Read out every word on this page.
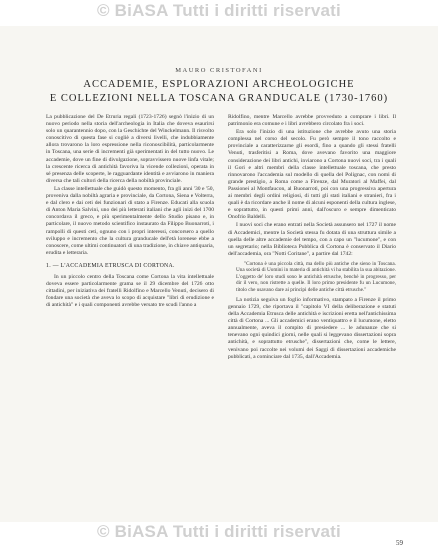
© BiASA Tutti i diritti riservati
MAURO CRISTOFANI
ACCADEMIE, ESPLORAZIONI ARCHEOLOGICHE
E COLLEZIONI NELLA TOSCANA GRANDUCALE (1730-1760)

La pubblicazione del De Etruria regali (1723-1726) segnò l'inizio di un nuovo periodo nella storia dell'archeologia in Italia che doveva esaurirsi solo un quarantennio dopo, con la Geschichte del Winckelmann. Il risvolto conoscitivo di questa fase si cogliè a diversi livelli, che indubbiamente allora trovarono la loro espressione nella riconoscibilità, particolarmente in Toscana, una serie di incrementi già sperimentati in del tutto nuovo. Le accademie, dove un fine di divulgazione, sopravvissero nuove linfa vitale; la crescente ricerca di antichità favoriva la vicende collezioni, operata in sé presenza delle scoperte, le ragguardante identità e avviarono in maniera diversa che tali cultori della ricerca della nobiltà provinciale.

La classe intellettuale che guidò questo momento, fra gli anni '30 e '50, proveniva dalla nobiltà agraria e provinciale, da Cortona, Siena e Volterra, e dal clero e dai ceti dei funzionari di stato a Firenze. Educati alla scuola di Anton Maria Salvini, uno dei più letterati italiani che agli inizi del 1700 concordava il greco, e più sperimentalmente dello Studio pisano e, in particolare, il nuovo metodo scientifico instaurato da Filippo Buonarroti, i rampolli di questi ceti, ognuno con i propri interessi, concorsero a quello sviluppo e incremento che la cultura granducale dell'età lorenese ebbe a conoscere, come ultimi continuatori di una tradizione, in chiave antiquaria, erudita e letteraria.

1. — L'ACCADEMIA ETRUSCA DI CORTONA.

In un piccolo centro della Toscana come Cortona la vita intellettuale doveva essere particolarmente grama se il 29 dicembre del 1726 otto cittadini, per iniziativa dei fratelli Ridolfino e Marcello Venuti, decisero di fondare una società che aveva lo scopo di acquistare "libri di erudizione e di antichità" e i quali componenti avrebbe versato tre scudi l'anno a

Ridolfino, mentre Marcello avrebbe provveduto a comprare i libri. Il patrimonio era comune e i libri avrebbero circolato fra i soci.

Era solo l'inizio di una istituzione che avrebbe avuto una storia complessa nel corso del secolo. Fu però sempre il tono raccolto e provinciale a caratterizzarne gli esordi, fino a quando gli stessi fratelli Venuti, trasferitisi a Roma, dove avevano favorito una maggiore considerazione dei libri antichi, inviarono a Cortona nuovi soci, tra i quali il Gori e altri membri della classe intellettuale toscana, che presto rinnovarono l'accademia sul modello di quella del Polignac, con nomi di grande prestigio, a Roma come a Firenze, dal Muratori al Maffei, dal Passionei al Montfaucon, al Buonarroti, poi con una progressiva apertura ai membri degli ordini religiosi, di tutti gli stati italiani e stranieri, fra i quali è da ricordare anche il nome di alcuni esponenti della cultura inglese, e soprattutto, in questi primi anni, dall'oscuro e sempre dimenticato Onofrio Baldelli.

I nuovi soci che erano entrati nella Società assunsero nel 1727 il nome di Accademici, mentre la Società stessa fu dotata di una struttura simile a quella delle altre accademie del tempo, con a capo un "lucumone", e con un segretario; nella Biblioteca Pubblica di Cortona è conservato il Diario dell'accademia, ora "Notti Coritane", a partire dal 1742:

"Cortona è una piccola città, ma dello più antiche che sieno in Toscana. Una società di Uomini in materia di antichità vi ha stabilita la sua abitazione. L'oggetto de' loro studi sono le antichità etrusche, benchè in progresso, per dir il vero, non ristrette a quelle. Il loro primo presidente fu un Lucumone, titolo che usavano dare ai principi delle antiche città etrusche."

La notizia seguiva un foglio informativo, stampato a Firenze il primo gennaio 1729, che riportava il "capitolo VI della deliberazione e statuti della Accademia Etrusca delle antichità e iscrizioni eretta nell'antichissima città di Cortona ... Gli accademici erano ventiquattro e il lucumone, eletto annualmente, aveva il compito di presiedere ... le adunanze che si tenevano ogni quindici giorni, nelle quali si leggevano dissertazioni sopra antichità, e soprattutto etrusche", dissertazioni che, come le lettere, venivano poi raccolte nei volumi dei Saggi di dissertazioni accademiche pubblicati, a cominciare dal 1735, dall'Accademia.

59
© BiASA Tutti i diritti riservati
